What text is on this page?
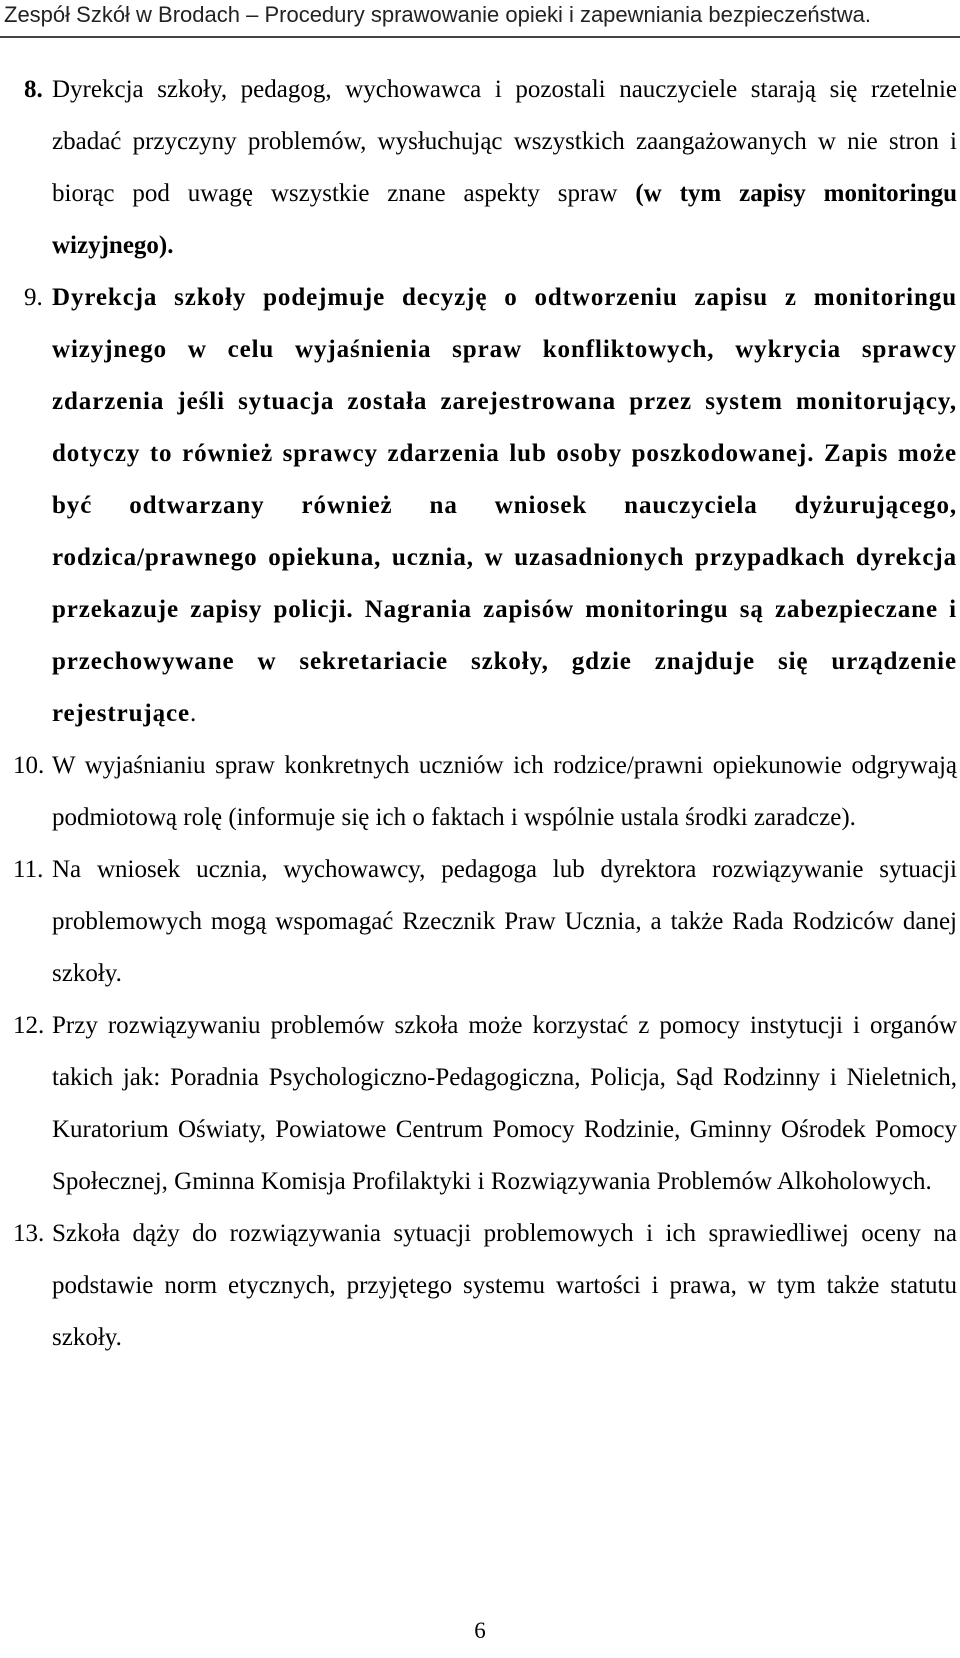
Zespół Szkół w Brodach – Procedury sprawowanie opieki i zapewniania bezpieczeństwa.

8. Dyrekcja szkoły, pedagog, wychowawca i pozostali nauczyciele starają się rzetelnie zbadać przyczyny problemów, wysłuchując wszystkich zaangażowanych w nie stron i biorąc pod uwagę wszystkie znane aspekty spraw (w tym zapisy monitoringu wizyjnego).

9. Dyrekcja szkoły podejmuje decyzję o odtworzeniu zapisu z monitoringu wizyjnego w celu wyjaśnienia spraw konfliktowych, wykrycia sprawcy zdarzenia jeśli sytuacja została zarejestrowana przez system monitorujący, dotyczy to również sprawcy zdarzenia lub osoby poszkodowanej. Zapis może być odtwarzany również na wniosek nauczyciela dyżurującego, rodzica/prawnego opiekuna, ucznia, w uzasadnionych przypadkach dyrekcja przekazuje zapisy policji. Nagrania zapisów monitoringu są zabezpieczane i przechowywane w sekretariacie szkoły, gdzie znajduje się urządzenie rejestrujące.

10. W wyjaśnianiu spraw konkretnych uczniów ich rodzice/prawni opiekunowie odgrywają podmiotową rolę (informuje się ich o faktach i wspólnie ustala środki zaradcze).

11. Na wniosek ucznia, wychowawcy, pedagoga lub dyrektora rozwiązywanie sytuacji problemowych mogą wspomagać Rzecznik Praw Ucznia, a także Rada Rodziców danej szkoły.

12. Przy rozwiązywaniu problemów szkoła może korzystać z pomocy instytucji i organów takich jak: Poradnia Psychologiczno-Pedagogiczna, Policja, Sąd Rodzinny i Nieletnich, Kuratorium Oświaty, Powiatowe Centrum Pomocy Rodzinie, Gminny Ośrodek Pomocy Społecznej, Gminna Komisja Profilaktyki i Rozwiązywania Problemów Alkoholowych.

13. Szkoła dąży do rozwiązywania sytuacji problemowych i ich sprawiedliwej oceny na podstawie norm etycznych, przyjętego systemu wartości i prawa, w tym także statutu szkoły.

6
